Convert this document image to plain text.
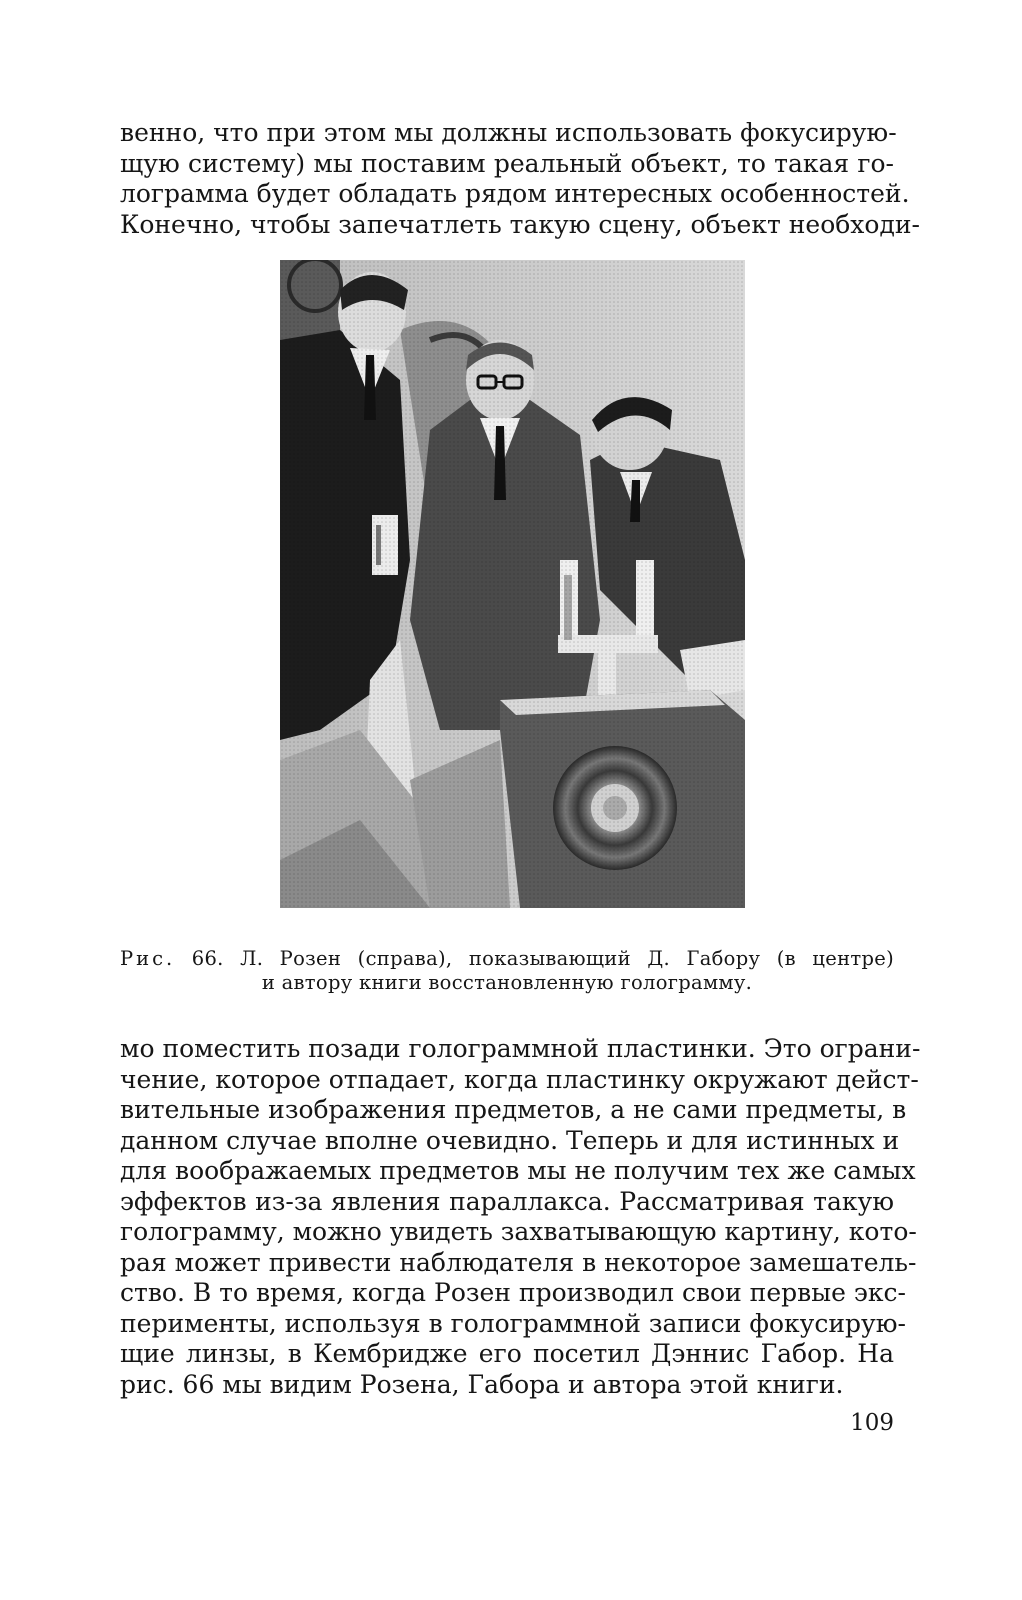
венно, что при этом мы должны использовать фокусирую-
щую систему) мы поставим реальный объект, то такая го-
лограмма будет обладать рядом интересных особенностей.
Конечно, чтобы запечатлеть такую сцену, объект необходи-
Рис. 66. Л. Розен (справа), показывающий Д. Габору (в центре)
и автору книги восстановленную голограмму.
мо поместить позади голограммной пластинки. Это ограни-
чение, которое отпадает, когда пластинку окружают дейст-
вительные изображения предметов, а не сами предметы, в
данном случае вполне очевидно. Теперь и для истинных и
для воображаемых предметов мы не получим тех же самых
эффектов из-за явления параллакса. Рассматривая такую
голограмму, можно увидеть захватывающую картину, кото-
рая может привести наблюдателя в некоторое замешатель-
ство. В то время, когда Розен производил свои первые экс-
перименты, используя в голограммной записи фокусирую-
щие линзы, в Кембридже его посетил Дэннис Габор. На
рис. 66 мы видим Розена, Габора и автора этой книги.
109
